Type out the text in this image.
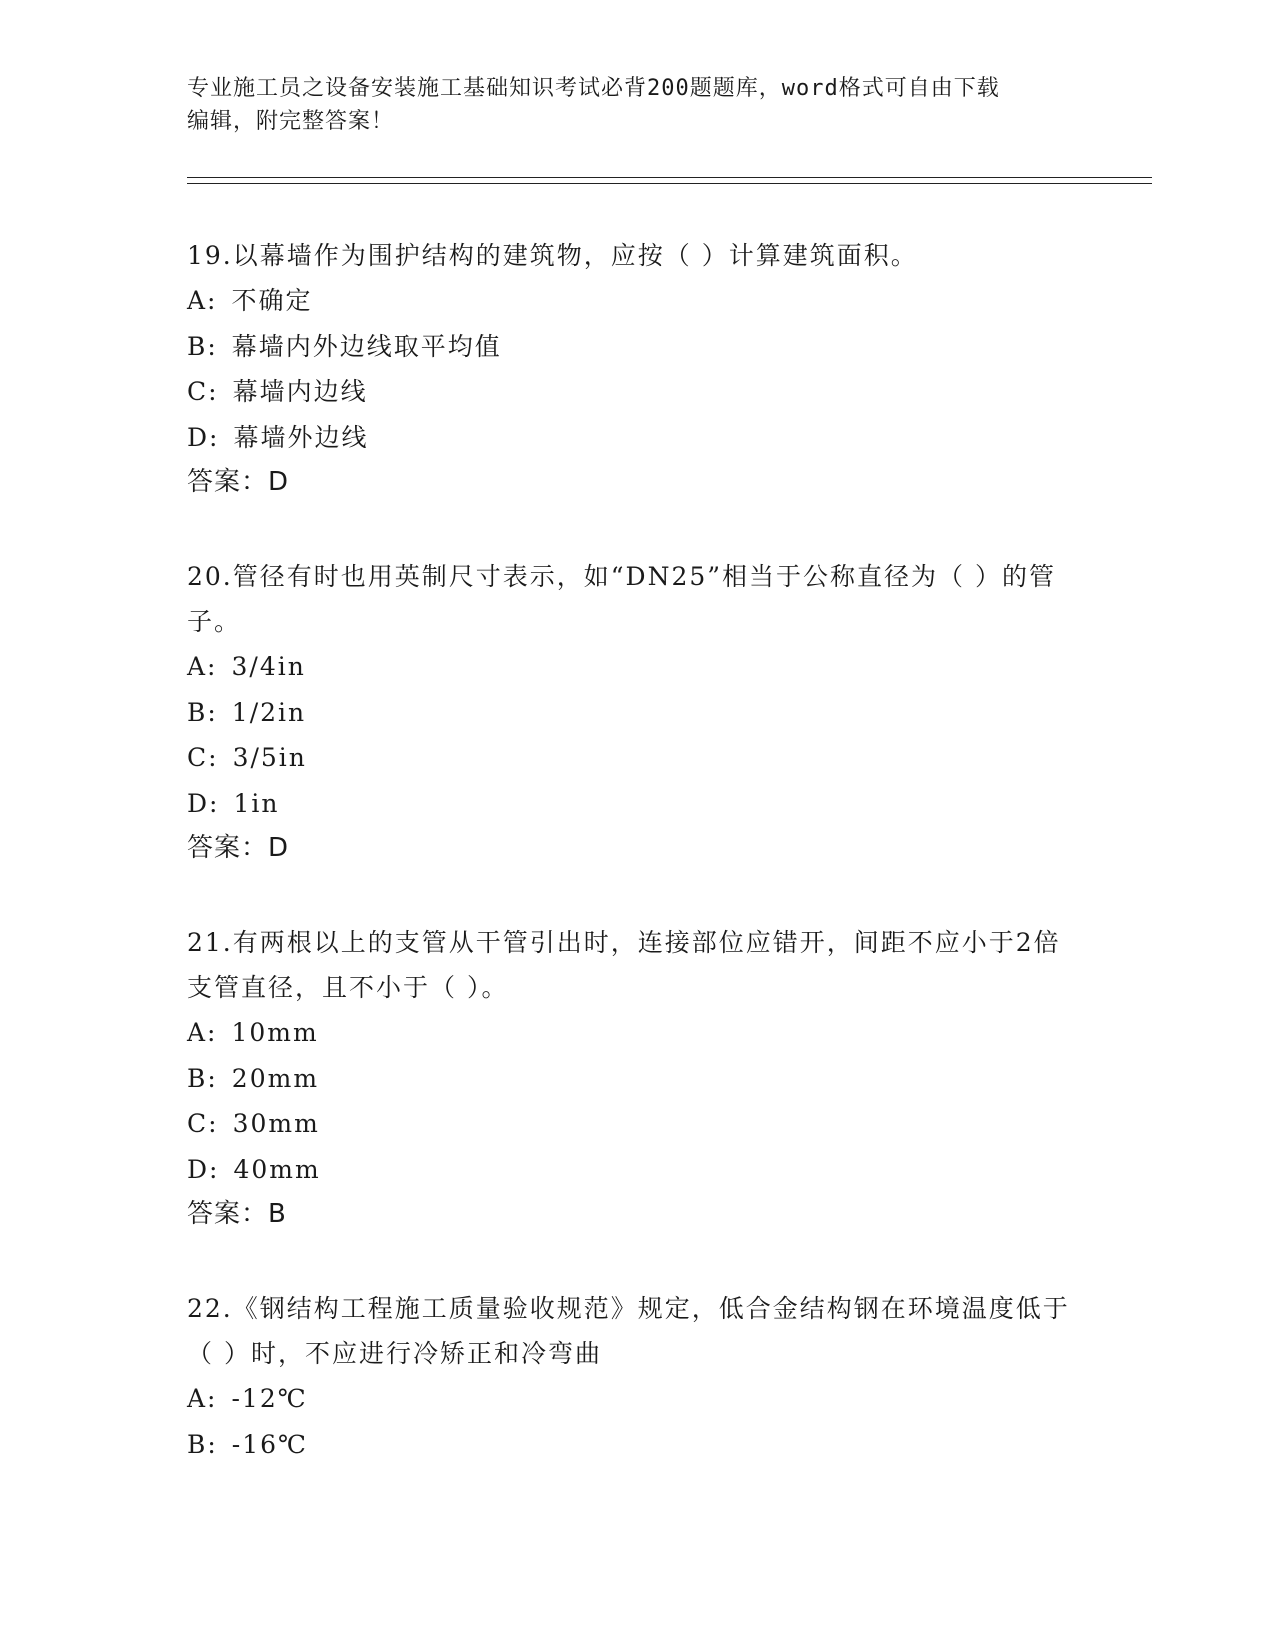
专业施工员之设备安装施工基础知识考试必背200题题库，word格式可自由下载
编辑，附完整答案！

19.以幕墙作为围护结构的建筑物，应按（ ）计算建筑面积。

A: 不确定

B: 幕墙内外边线取平均值

C: 幕墙内边线

D: 幕墙外边线

答案：D

20.管径有时也用英制尺寸表示，如“DN25”相当于公称直径为（ ）的管子。

A: 3/4in

B: 1/2in

C: 3/5in

D: 1in

答案：D

21.有两根以上的支管从干管引出时，连接部位应错开，间距不应小于2倍支管直径，且不小于（ ）。

A: 10mm

B: 20mm

C: 30mm

D: 40mm

答案：B

22.《钢结构工程施工质量验收规范》规定，低合金结构钢在环境温度低于（ ）时，不应进行冷矫正和冷弯曲

A: -12℃

B: -16℃
